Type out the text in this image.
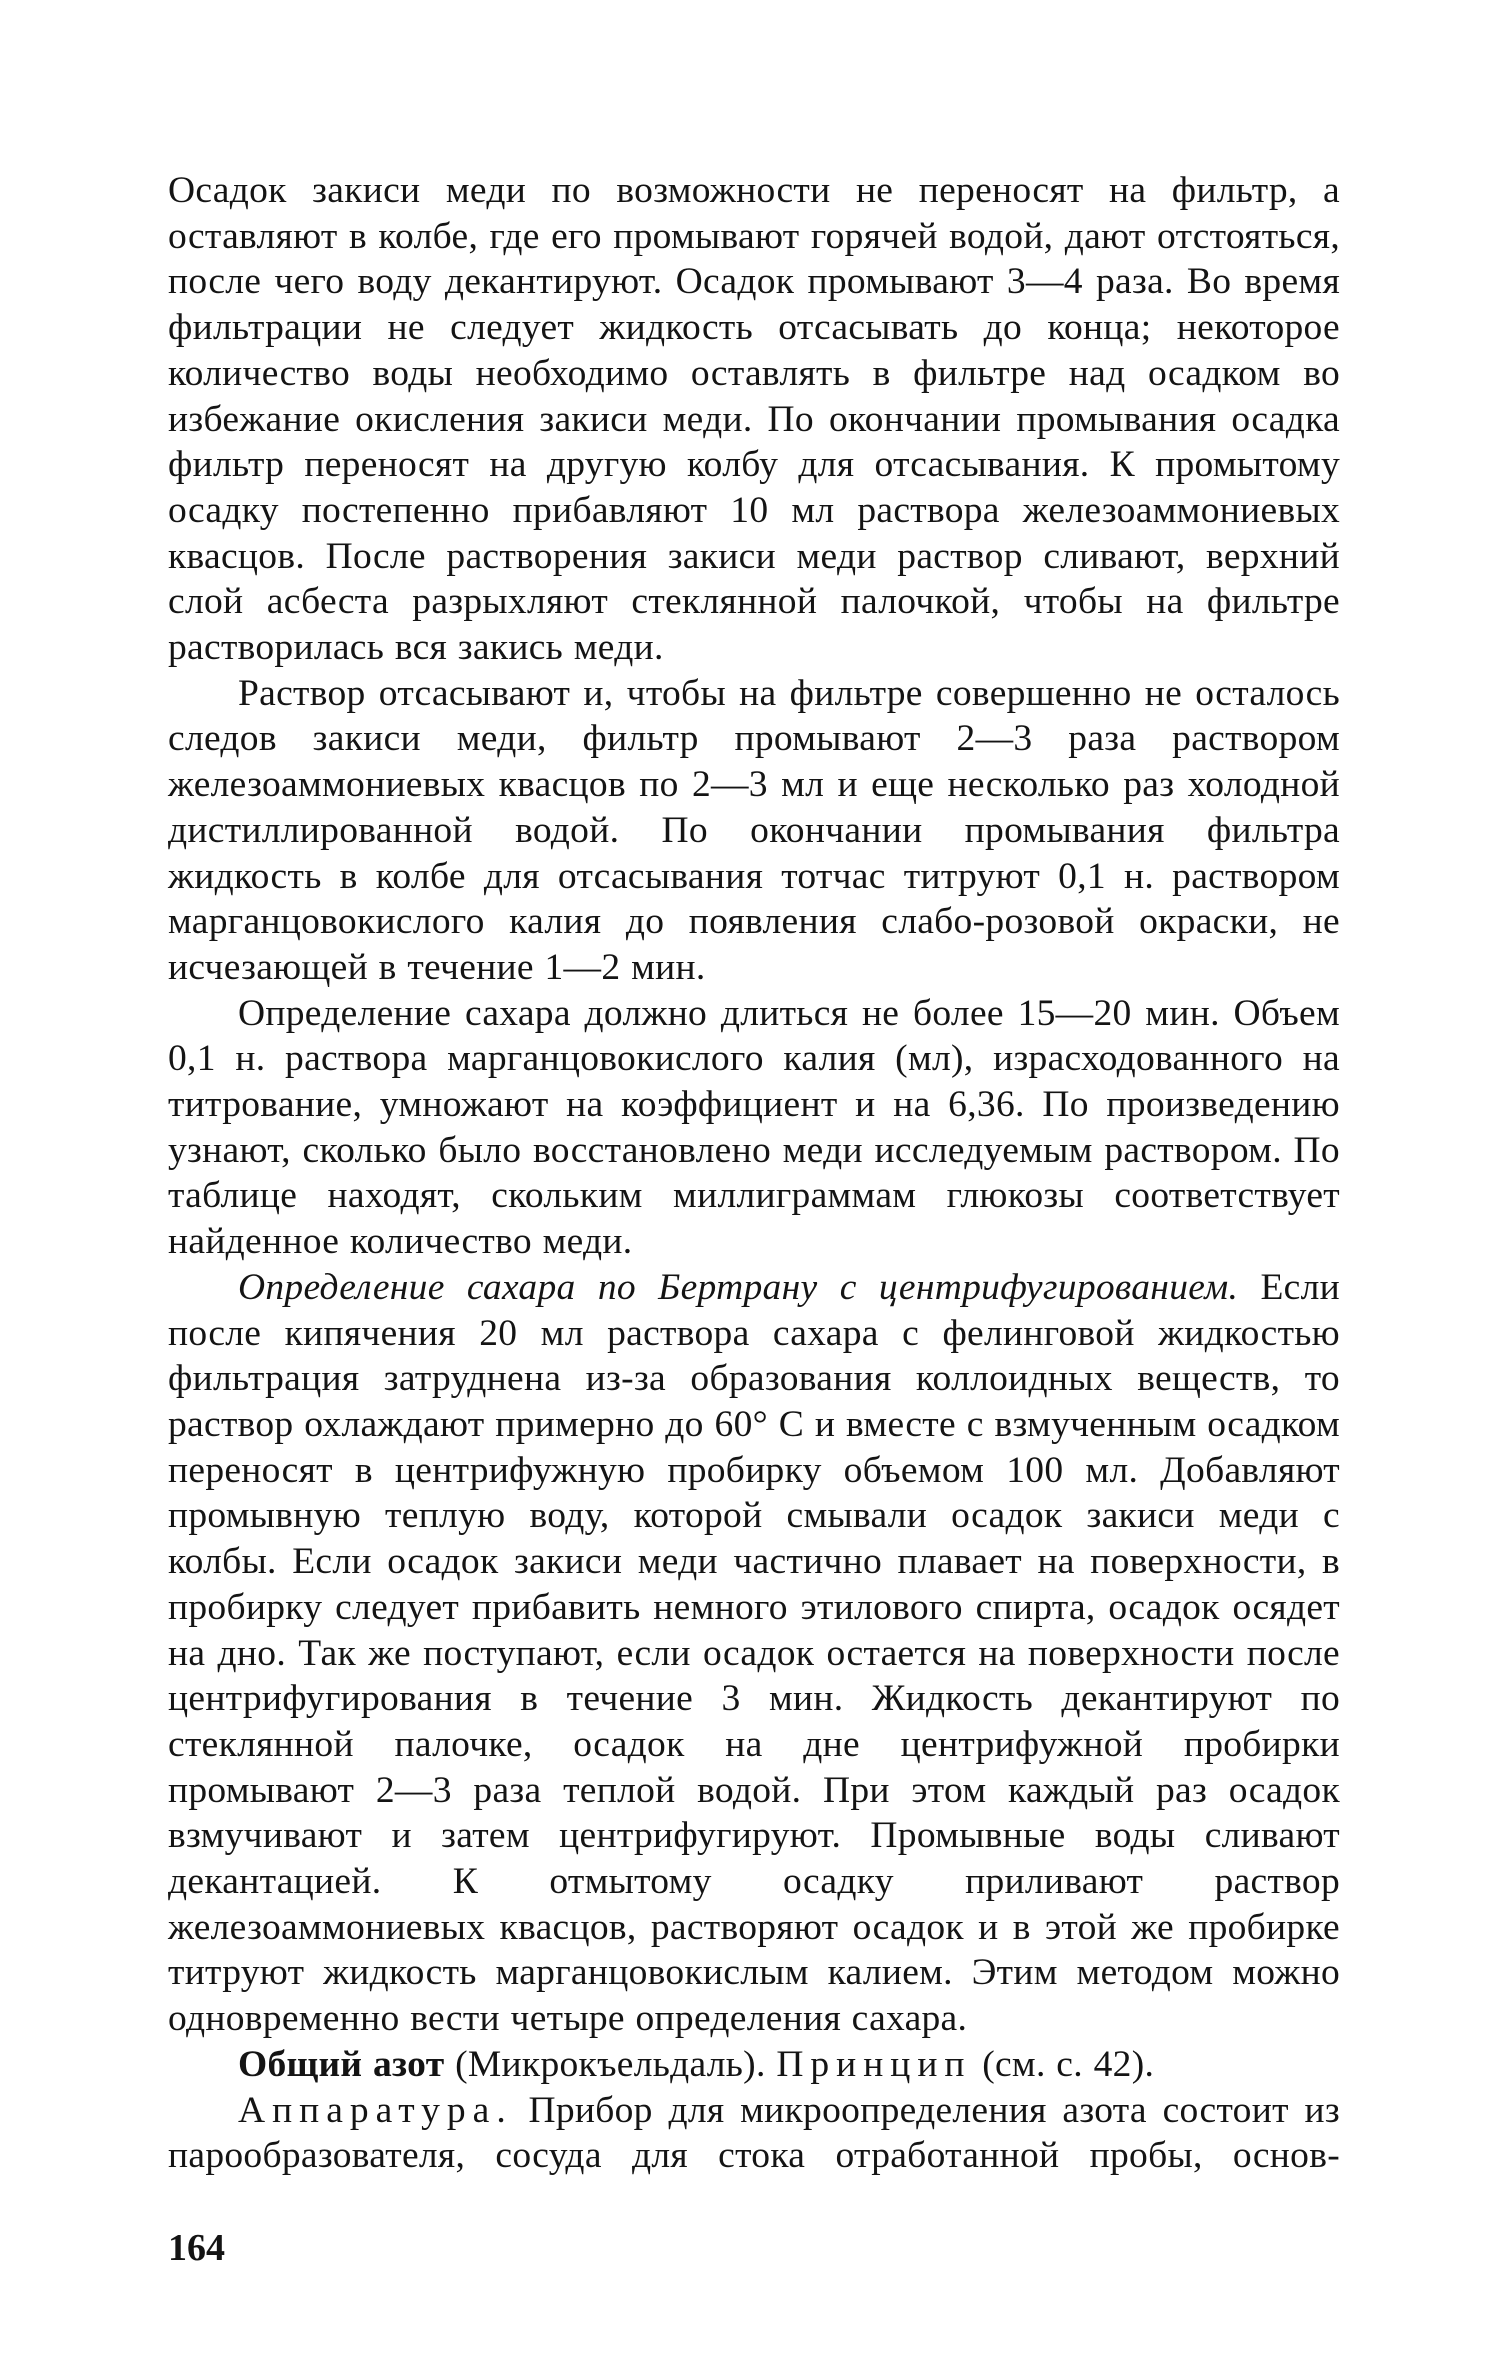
Осадок закиси меди по возможности не переносят на фильтр, а оставляют в колбе, где его промывают горячей водой, дают отстояться, после чего воду декантируют. Осадок промывают 3—4 раза. Во время фильтрации не следует жидкость отсасывать до конца; некоторое количество воды необходимо оставлять в фильтре над осадком во избежание окисления закиси меди. По окончании промывания осадка фильтр переносят на другую колбу для отсасывания. К промытому осадку постепенно прибавляют 10 мл раствора железоаммониевых квасцов. После растворения закиси меди раствор сливают, верхний слой асбеста разрыхляют стеклянной палочкой, чтобы на фильтре растворилась вся закись меди.

Раствор отсасывают и, чтобы на фильтре совершенно не осталось следов закиси меди, фильтр промывают 2—3 раза раствором железоаммониевых квасцов по 2—3 мл и еще несколько раз холодной дистиллированной водой. По окончании промывания фильтра жидкость в колбе для отсасывания тотчас титруют 0,1 н. раствором марганцовокислого калия до появления слабо-розовой окраски, не исчезающей в течение 1—2 мин.

Определение сахара должно длиться не более 15—20 мин. Объем 0,1 н. раствора марганцовокислого калия (мл), израсходованного на титрование, умножают на коэффициент и на 6,36. По произведению узнают, сколько было восстановлено меди исследуемым раствором. По таблице находят, скольким миллиграммам глюкозы соответствует найденное количество меди.

Определение сахара по Бертрану с центрифугированием. Если после кипячения 20 мл раствора сахара с фелинговой жидкостью фильтрация затруднена из-за образования коллоидных веществ, то раствор охлаждают примерно до 60° С и вместе с взмученным осадком переносят в центрифужную пробирку объемом 100 мл. Добавляют промывную теплую воду, которой смывали осадок закиси меди с колбы. Если осадок закиси меди частично плавает на поверхности, в пробирку следует прибавить немного этилового спирта, осадок осядет на дно. Так же поступают, если осадок остается на поверхности после центрифугирования в течение 3 мин. Жидкость декантируют по стеклянной палочке, осадок на дне центрифужной пробирки промывают 2—3 раза теплой водой. При этом каждый раз осадок взмучивают и затем центрифугируют. Промывные воды сливают декантацией. К отмытому осадку приливают раствор железоаммониевых квасцов, растворяют осадок и в этой же пробирке титруют жидкость марганцовокислым калием. Этим методом можно одновременно вести четыре определения сахара.

Общий азот (Микрокъельдаль). Принцип (см. с. 42).

Аппаратура. Прибор для микроопределения азота состоит из парообразователя, сосуда для стока отработанной пробы, основ-

164
